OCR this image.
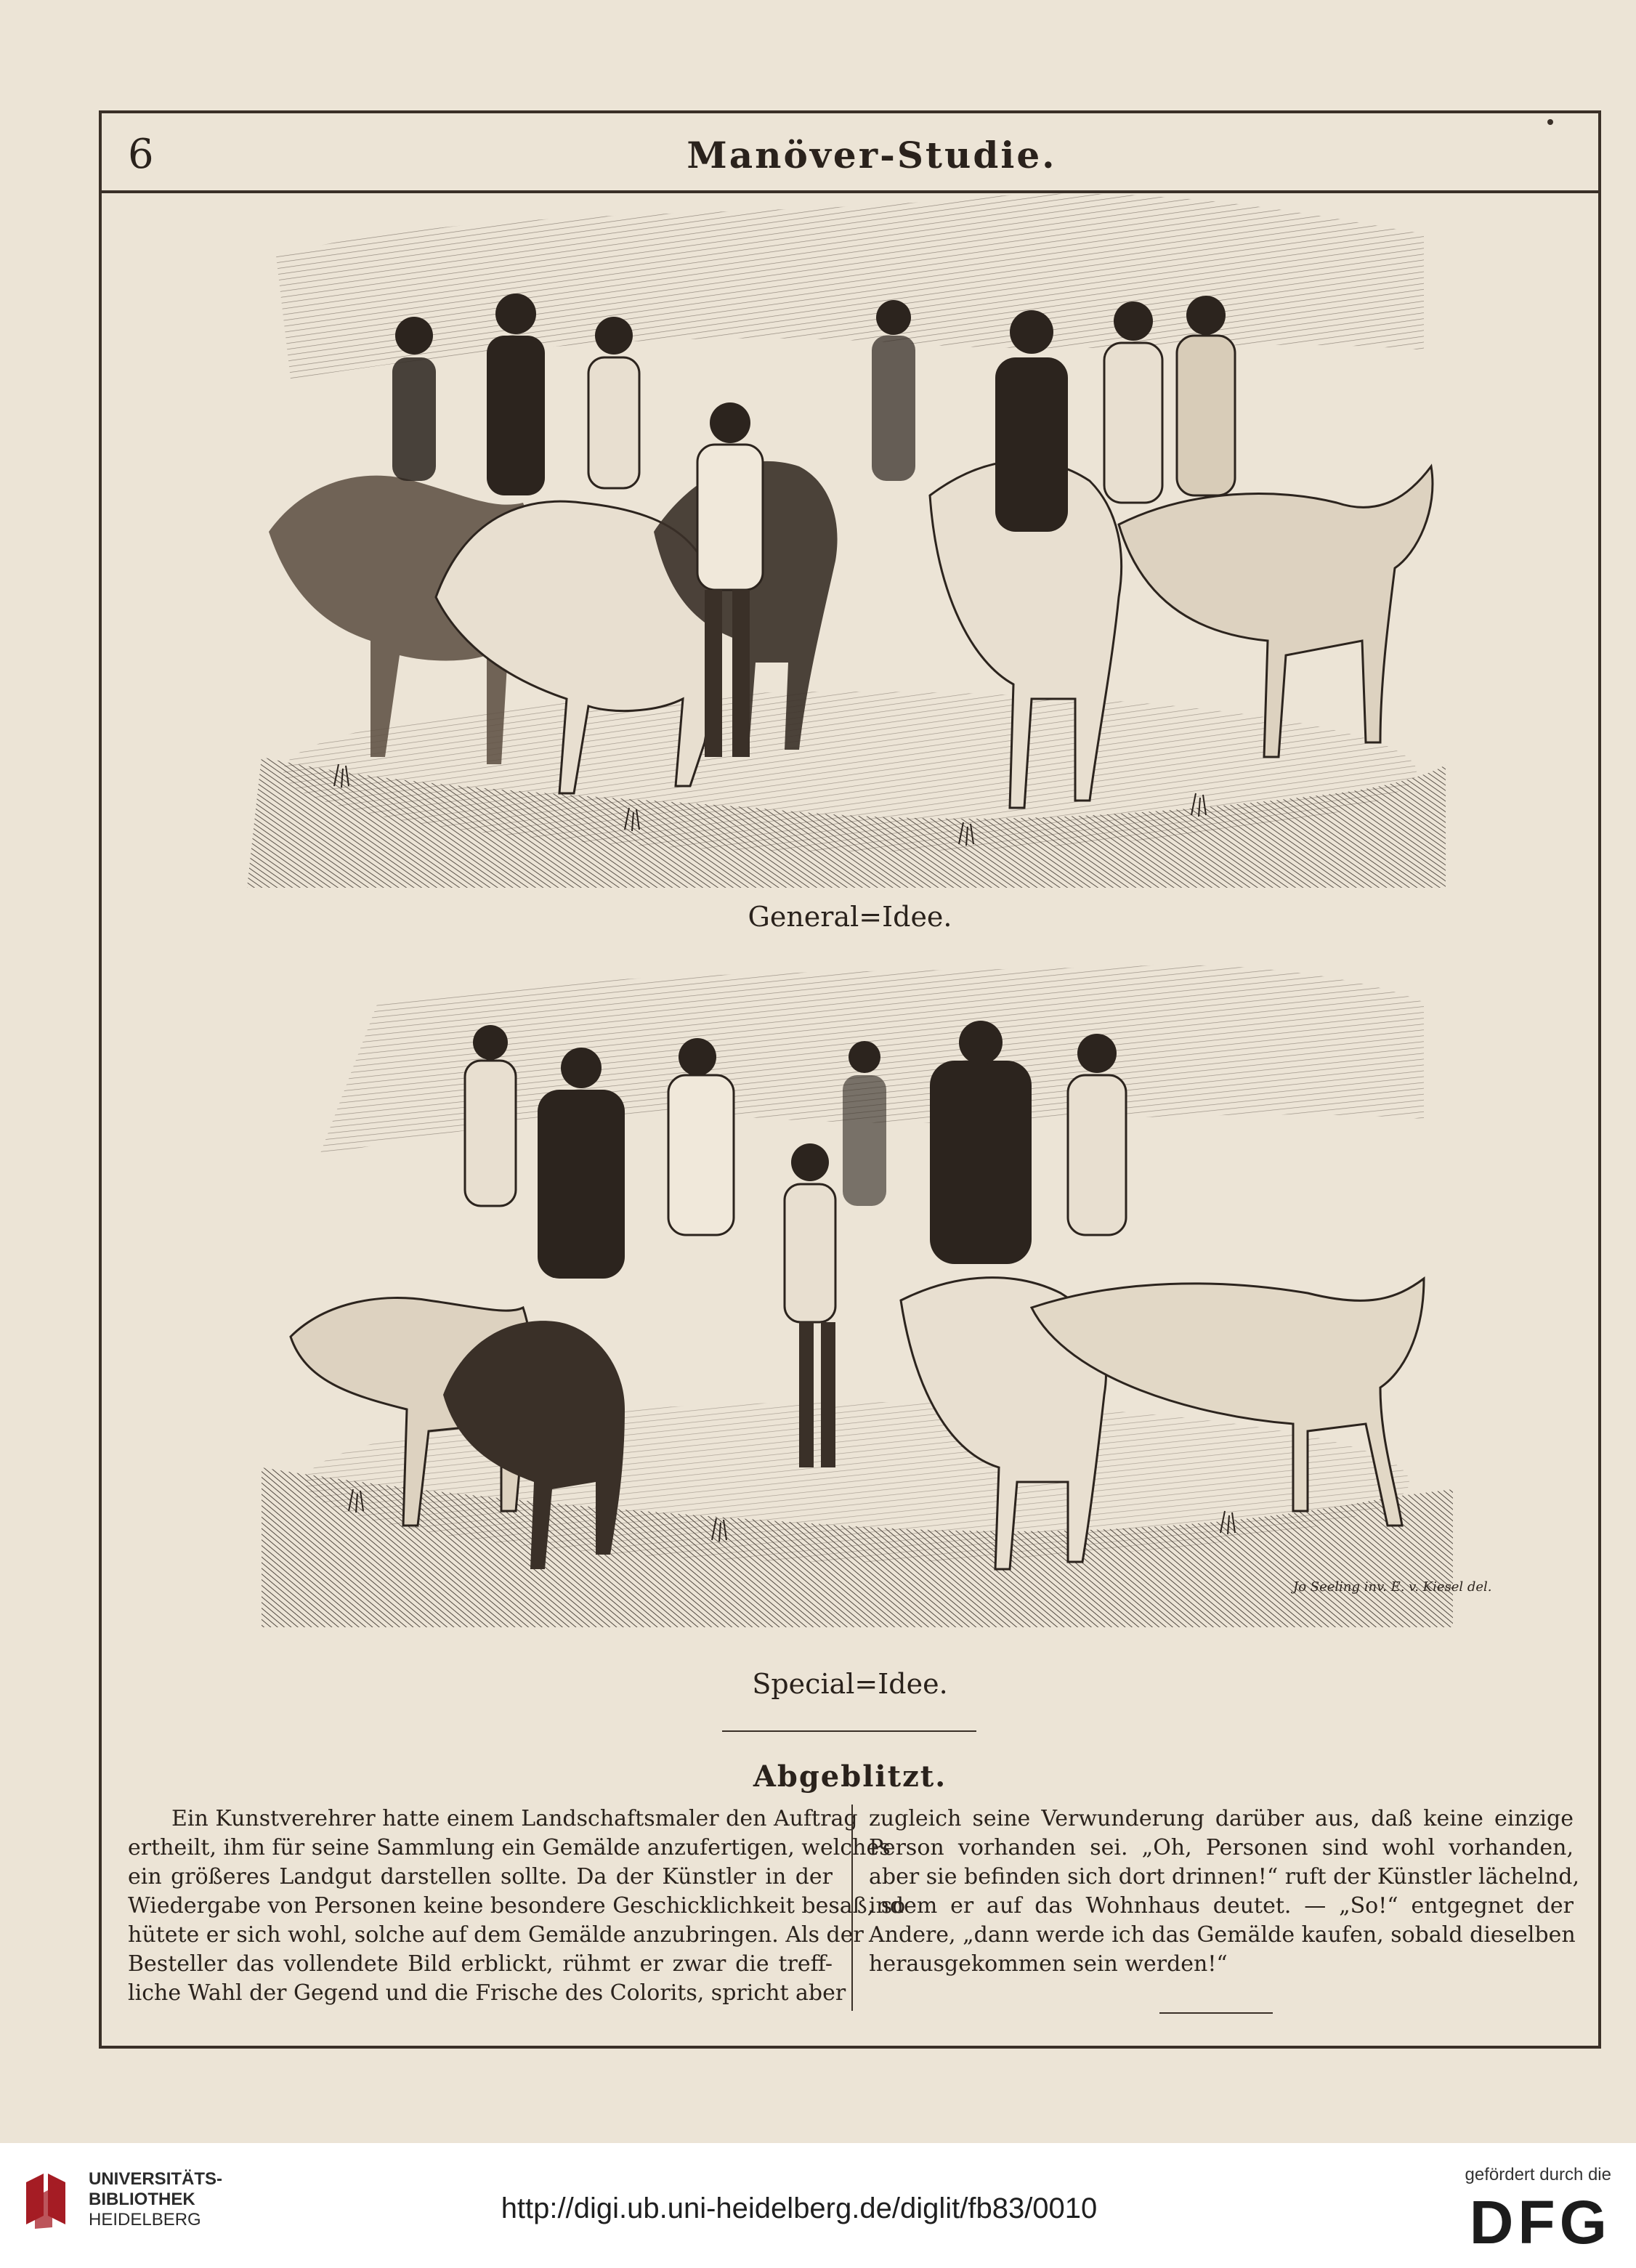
6	Manöver-Studie.
General=Idee.
Jo Seeling inv. E. v. Kiesel del.
Special=Idee.
Abgeblitzt.
Ein Kunstverehrer hatte einem Landschaftsmaler den Auftrag
ertheilt, ihm für seine Sammlung ein Gemälde anzufertigen, welches
ein größeres Landgut darstellen sollte. Da der Künstler in der
Wiedergabe von Personen keine besondere Geschicklichkeit besaß, so
hütete er sich wohl, solche auf dem Gemälde anzubringen. Als der
Besteller das vollendete Bild erblickt, rühmt er zwar die treff-
liche Wahl der Gegend und die Frische des Colorits, spricht aber
zugleich seine Verwunderung darüber aus, daß keine einzige
Person vorhanden sei. „Oh, Personen sind wohl vorhanden,
aber sie befinden sich dort drinnen!“ ruft der Künstler lächelnd,
indem er auf das Wohnhaus deutet. — „So!“ entgegnet der
Andere, „dann werde ich das Gemälde kaufen, sobald dieselben
herausgekommen sein werden!“
UNIVERSITÄTS-
BIBLIOTHEK
HEIDELBERG	http://digi.ub.uni-heidelberg.de/diglit/fb83/0010
gefördert durch die
DFG
